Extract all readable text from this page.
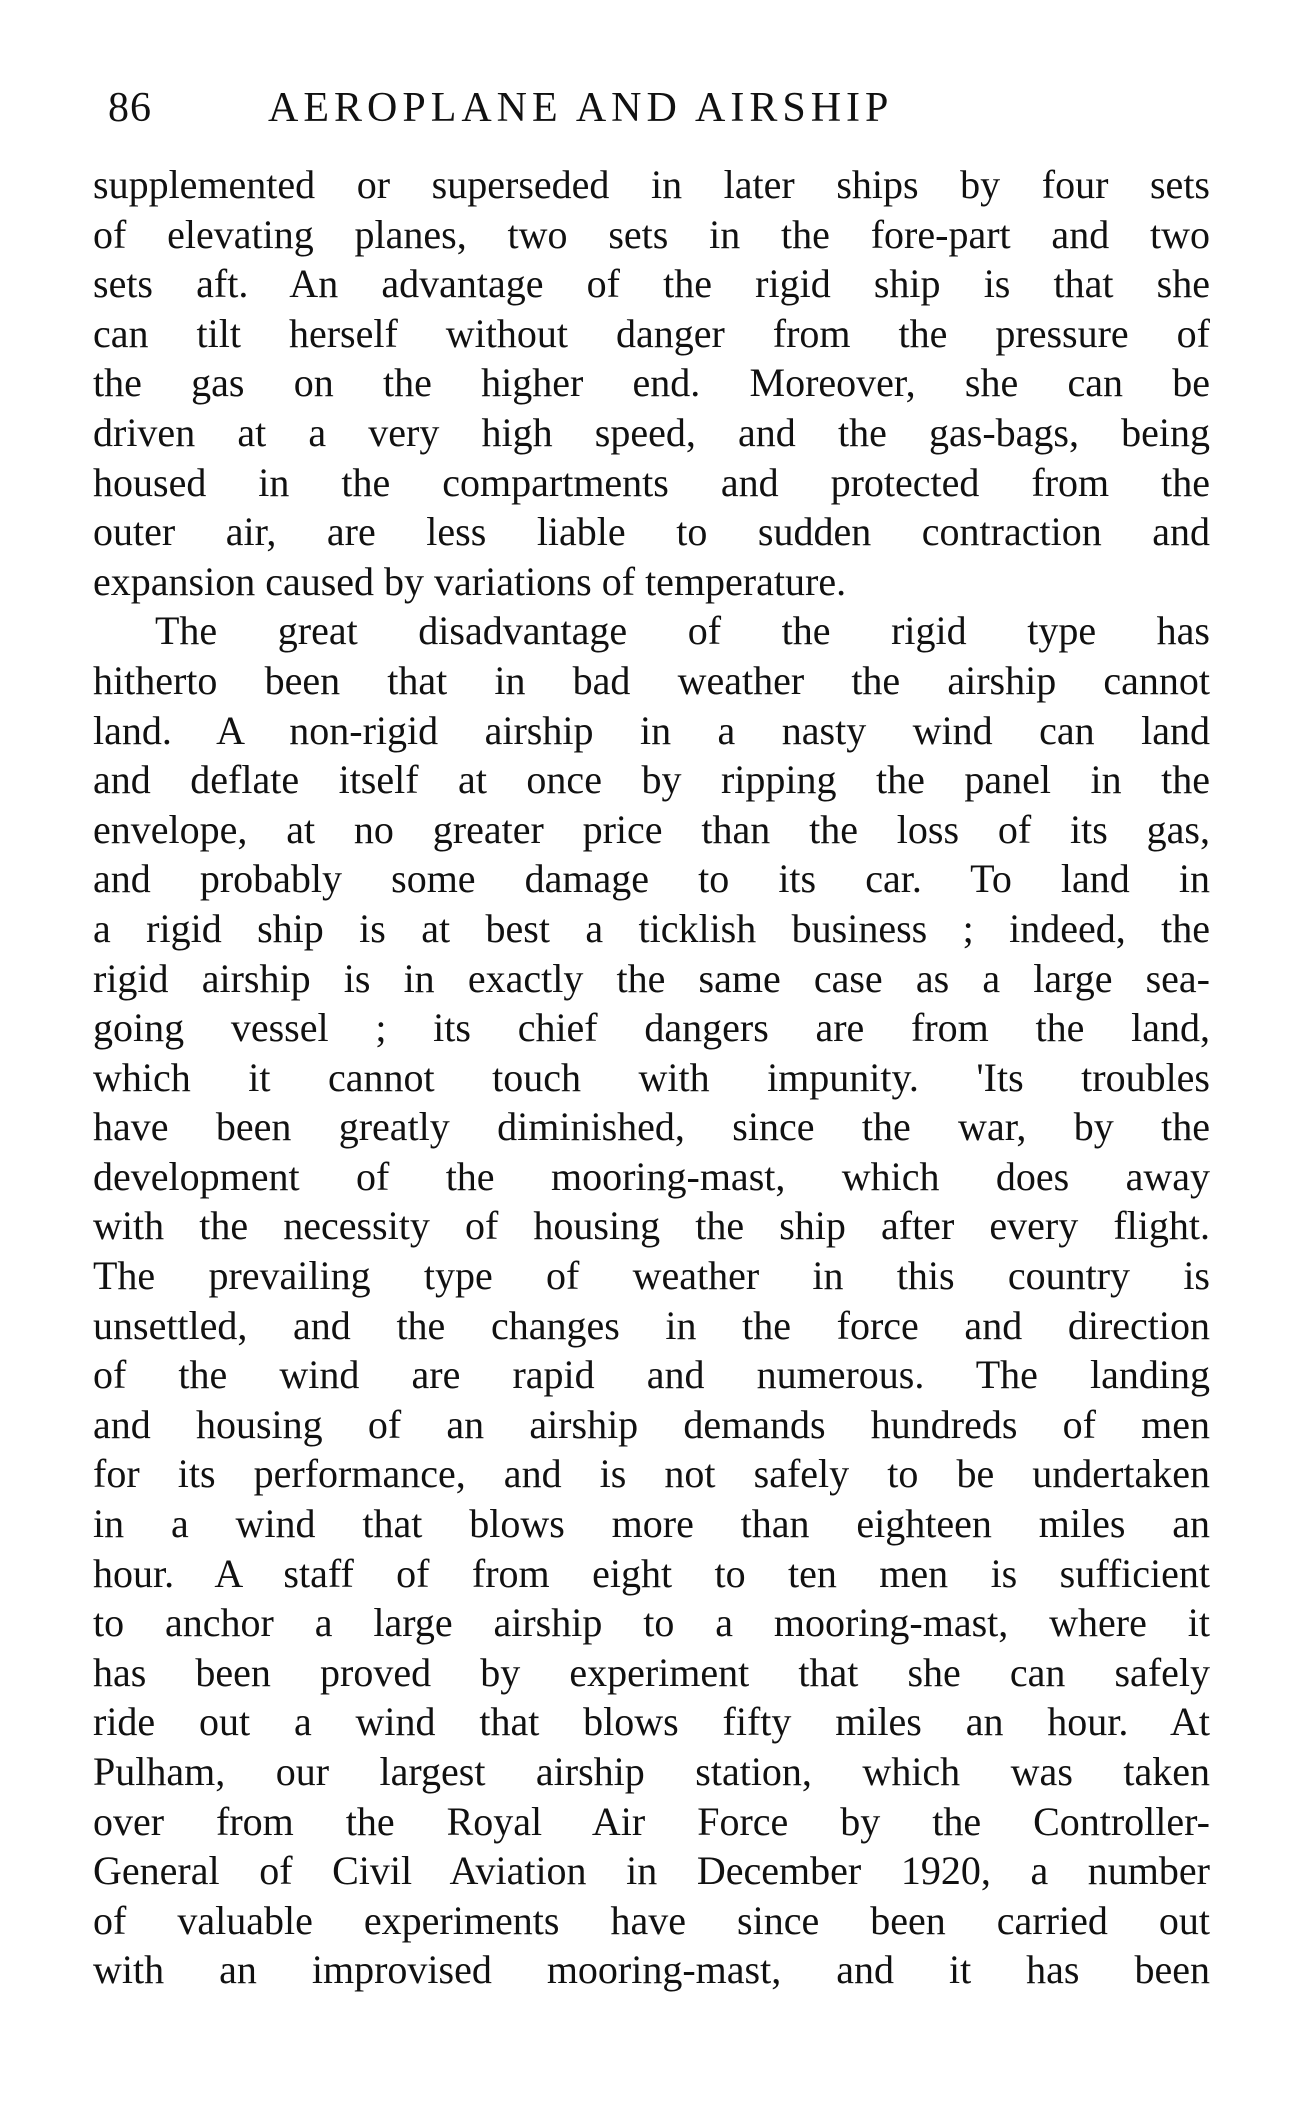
86	AEROPLANE AND AIRSHIP
supplemented or superseded in later ships by four sets
of elevating planes, two sets in the fore-part and two
sets aft. An advantage of the rigid ship is that she
can tilt herself without danger from the pressure of
the gas on the higher end. Moreover, she can be
driven at a very high speed, and the gas-bags, being
housed in the compartments and protected from the
outer air, are less liable to sudden contraction and
expansion caused by variations of temperature.
The great disadvantage of the rigid type has
hitherto been that in bad weather the airship cannot
land. A non-rigid airship in a nasty wind can land
and deflate itself at once by ripping the panel in the
envelope, at no greater price than the loss of its gas,
and probably some damage to its car. To land in
a rigid ship is at best a ticklish business ; indeed, the
rigid airship is in exactly the same case as a large sea-
going vessel ; its chief dangers are from the land,
which it cannot touch with impunity. 'Its troubles
have been greatly diminished, since the war, by the
development of the mooring-mast, which does away
with the necessity of housing the ship after every flight.
The prevailing type of weather in this country is
unsettled, and the changes in the force and direction
of the wind are rapid and numerous. The landing
and housing of an airship demands hundreds of men
for its performance, and is not safely to be undertaken
in a wind that blows more than eighteen miles an
hour. A staff of from eight to ten men is sufficient
to anchor a large airship to a mooring-mast, where it
has been proved by experiment that she can safely
ride out a wind that blows fifty miles an hour. At
Pulham, our largest airship station, which was taken
over from the Royal Air Force by the Controller-
General of Civil Aviation in December 1920, a number
of valuable experiments have since been carried out
with an improvised mooring-mast, and it has been
